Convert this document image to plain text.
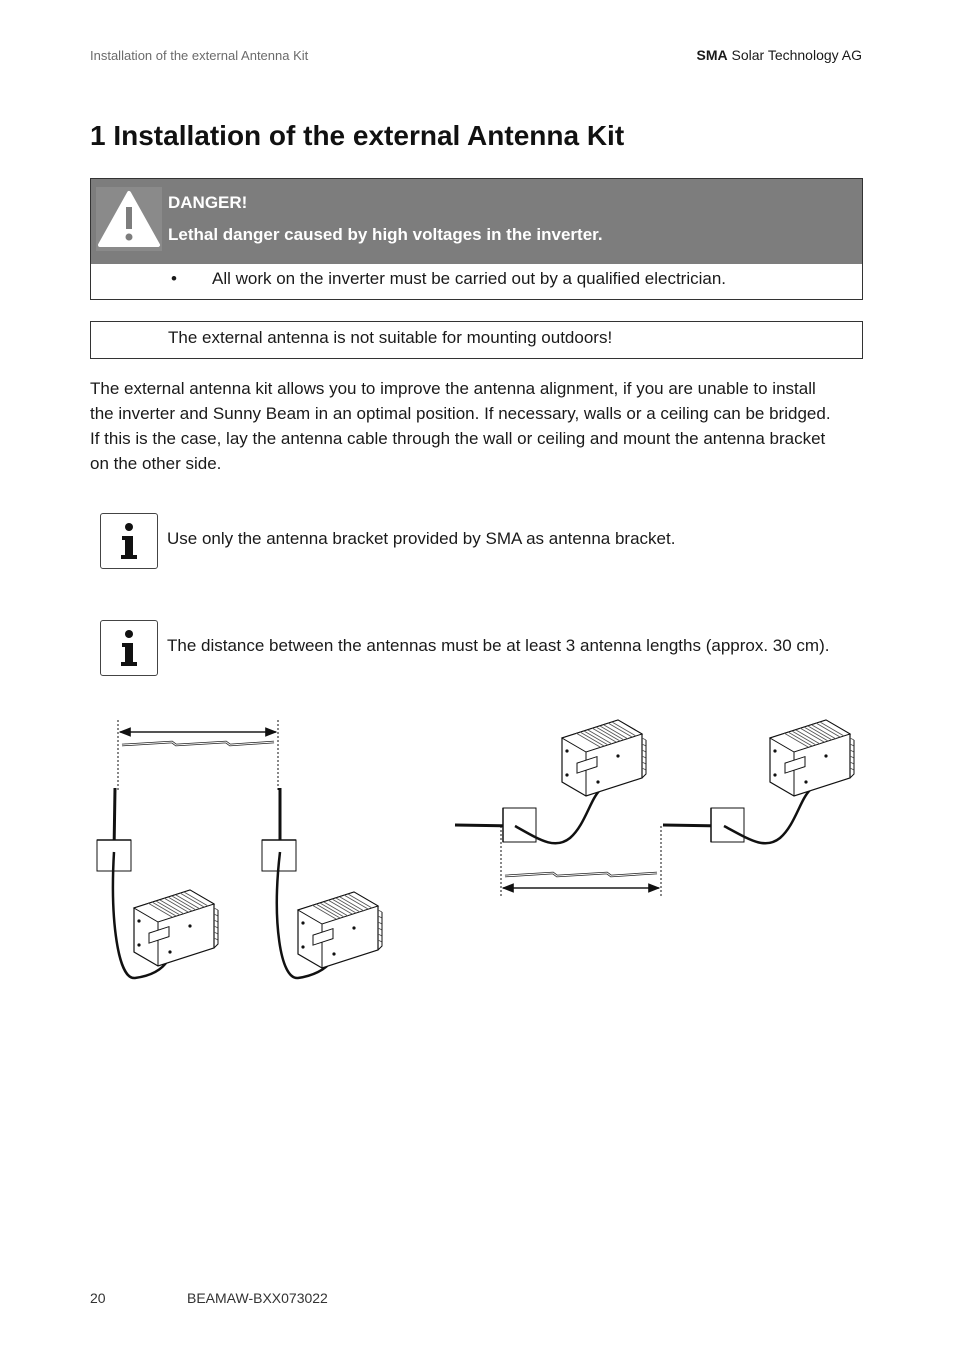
Installation of the external Antenna Kit	SMA Solar Technology AG
1 Installation of the external Antenna Kit
DANGER!
Lethal danger caused by high voltages in the inverter.
• All work on the inverter must be carried out by a qualified electrician.
The external antenna is not suitable for mounting outdoors!
The external antenna kit allows you to improve the antenna alignment, if you are unable to install
the inverter and Sunny Beam in an optimal position. If necessary, walls or a ceiling can be bridged.
If this is the case, lay the antenna cable through the wall or ceiling and mount the antenna bracket
on the other side.
Use only the antenna bracket provided by SMA as antenna bracket.
The distance between the antennas must be at least 3 antenna lengths (approx. 30 cm).
20	BEAMAW-BXX073022
